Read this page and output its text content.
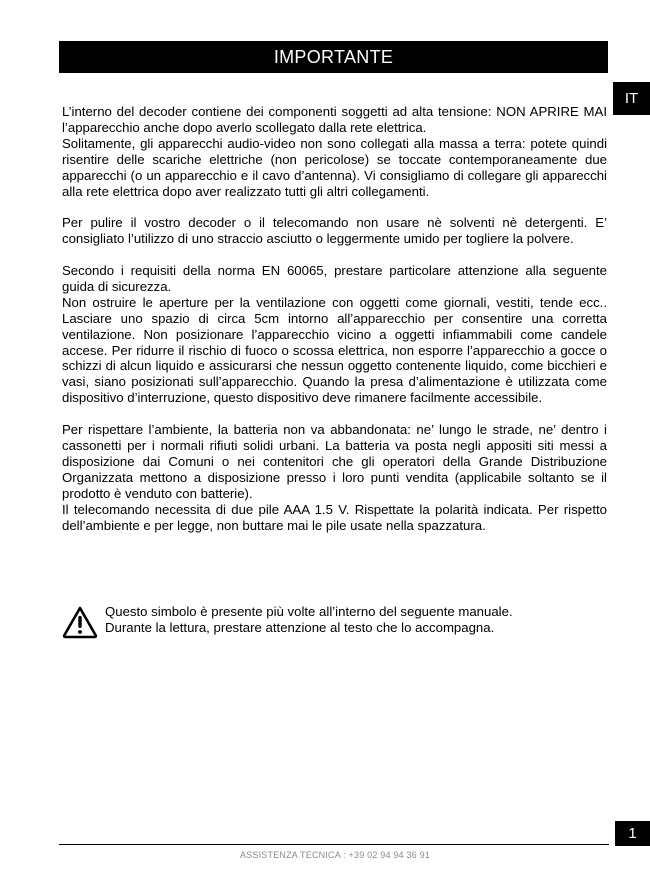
IMPORTANTE
IT

L’interno del decoder contiene dei componenti soggetti ad alta tensione: NON APRIRE MAI l’apparecchio anche dopo averlo scollegato dalla rete elettrica.

Solitamente, gli apparecchi audio-video non sono collegati alla massa a terra: potete quindi risentire delle scariche elettriche (non pericolose) se toccate contemporaneamente due apparecchi (o un apparecchio e il cavo d’antenna). Vi consigliamo di collegare gli apparecchi alla rete elettrica dopo aver realizzato tutti gli altri collegamenti.

Per pulire il vostro decoder o il telecomando non usare nè solventi nè detergenti. E’ consigliato l’utilizzo di uno straccio asciutto o leggermente umido per togliere la polvere.

Secondo i requisiti della norma EN 60065, prestare particolare attenzione alla seguente guida di sicurezza.

Non ostruire le aperture per la ventilazione con oggetti come giornali, vestiti, tende ecc.. Lasciare uno spazio di circa 5cm intorno all’apparecchio per consentire una corretta ventilazione. Non posizionare l’apparecchio vicino a oggetti infiammabili come candele accese. Per ridurre il rischio di fuoco o scossa elettrica, non esporre l’apparecchio a gocce o schizzi di alcun liquido e assicurarsi che nessun oggetto contenente liquido, come bicchieri e vasi, siano posizionati sull’apparecchio. Quando la presa d’alimentazione è utilizzata come dispositivo d’interruzione, questo dispositivo deve rimanere facilmente accessibile.

Per rispettare l’ambiente, la batteria non va abbandonata: ne’ lungo le strade, ne’ dentro i cassonetti per i normali rifiuti solidi urbani. La batteria va posta negli appositi siti messi a disposizione dai Comuni o nei contenitori che gli operatori della Grande Distribuzione Organizzata mettono a disposizione presso i loro punti vendita (applicabile soltanto se il prodotto è venduto con batterie).

Il telecomando necessita di due pile AAA 1.5 V. Rispettate la polarità indicata. Per rispetto dell’ambiente e per legge, non buttare mai le pile usate nella spazzatura.

Questo simbolo è presente più volte all’interno del seguente manuale.
Durante la lettura, prestare attenzione al testo che lo accompagna.
1
ASSISTENZA TECNICA : +39 02 94 94 36 91
